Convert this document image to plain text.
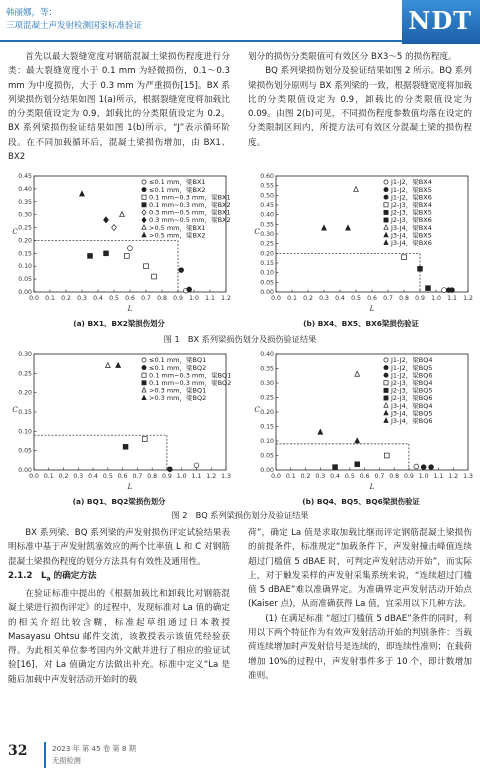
韩丽娜，等：
三项混凝土声发射检测国家标准验证	NDT

首先以最大裂缝宽度对钢筋混凝土梁损伤程度进行分类：最大裂缝宽度小于 0.1 mm 为轻微损伤，0.1～0.3 mm 为中度损伤，大于 0.3 mm 为严重损伤[15]。BX 系列梁损伤划分结果如图 1(a)所示，根据裂缝宽度将加载比的分类限值设定为 0.9，卸载比的分类限值设定为 0.2。BX 系列梁损伤验证结果如图 1(b)所示，“J”表示循环阶段。在不同加载循环后，混凝土梁损伤增加，由 BX1、BX2

划分的损伤分类限值可有效区分 BX3～5 的损伤程度。

BQ 系列梁损伤划分及验证结果如图 2 所示。BQ 系列梁损伤划分原则与 BX 系列梁的一致，根据裂缝宽度将加载比的分类限值设定为 0.9，卸载比的分类限值设定为 0.09。由图 2(b)可见，不同损伤程度参数值均落在设定的分类限制区间内，所提方法可有效区分混凝土梁的损伤程度。

0.00
0.05
0.10
0.15
0.20
0.25
0.30
0.35
0.40
0.45
0.0 0.1 0.2 0.3 0.4 0.5 0.6 0.7 0.8 0.9 1.0 1.1 1.2
L
C
≤0.1 mm，梁BX1
≤0.1 mm，梁BX2
0.1 mm~0.3 mm，梁BX1
0.1 mm~0.3 mm，梁BX2
0.3 mm~0.5 mm，梁BX1
0.3 mm~0.5 mm，梁BX2
>0.5 mm，梁BX1
>0.5 mm，梁BX2
0.00
0.05
0.10
0.15
0.20
0.25
0.30
0.35
0.40
0.45
0.50
0.55
0.60
0.0 0.1 0.2 0.3 0.4 0.5 0.6 0.7 0.8 0.9 1.0 1.1 1.2
L
C
J1-J2，梁BX4
J1-J2，梁BX5
J1-J2，梁BX6
J2-J3，梁BX4
J2-J3，梁BX5
J2-J3，梁BX6
J3-J4，梁BX4
J3-J4，梁BX5
J3-J4，梁BX6
(a) BX1、BX2梁损伤划分	(b) BX4、BX5、BX6梁损伤验证
图 1　BX 系列梁损伤划分及损伤验证结果
0.00
0.05
0.10
0.15
0.20
0.25
0.30
0.0 0.1 0.2 0.3 0.4 0.5 0.6 0.7 0.8 0.9 1.0 1.1 1.2 1.3
L
C
≤0.1 mm，梁BQ1
≤0.1 mm，梁BQ2
0.1 mm~0.3 mm，梁BQ1
0.1 mm~0.3 mm，梁BQ2
>0.3 mm，梁BQ1
>0.3 mm，梁BQ2
0.00
0.05
0.10
0.15
0.20
0.25
0.30
0.35
0.40
0.0 0.1 0.2 0.3 0.4 0.5 0.6 0.7 0.8 0.9 1.0 1.1 1.2 1.3
L
C
J1-J2，梁BQ4
J1-J2，梁BQ5
J1-J2，梁BQ6
J2-J3，梁BQ4
J2-J3，梁BQ5
J2-J3，梁BQ6
J3-J4，梁BQ4
J3-J4，梁BQ5
J3-J4，梁BQ6
(a) BQ1、BQ2梁损伤划分	(b) BQ4、BQ5、BQ6梁损伤验证
图 2　BQ 系列梁损伤划分及验证结果

BX 系列梁、BQ 系列梁的声发射损伤评定试验结果表明标准中基于声发射凯塞效应的两个比率值 L 和 C 对钢筋混凝土梁损伤程度的划分方法具有有效性及通用性。

2.1.2　$L_a$ 的确定方法

在验证标准中提出的《根据加载比和卸载比对钢筋混凝土梁进行损伤评定》的过程中，发现标准对 La 值的确定的相关介绍比较含糊，标准起草组通过日本教授 Masayasu Ohtsu 邮件交流，该教授表示该值凭经验获得。为此相关单位参考国内外文献并进行了相应的验证试验[16]，对 La 值确定方法做出补充。标准中定义“La 是随后加载中声发射活动开始时的载

荷”，确定 La 值是求取加载比继而评定钢筋混凝土梁损伤的前提条件，标准规定“加载条件下，声发射撞击峰值连续超过门槛值 5 dBAE 时，可判定声发射活动开始”，而实际上，对于触发采样的声发射采集系统来说，“连续超过门槛值 5 dBAE”难以准确界定。为准确界定声发射活动开始点(Kaiser 点)，从而准确获得 La 值，宜采用以下几种方法。

(1) 在满足标准 “超过门槛值 5 dBAE”条件的同时，利用以下两个特征作为有效声发射活动开始的判别条件：当载荷连续增加时声发射信号是连续的，即连续性准则；在载荷增加 10%的过程中，声发射事件多于 10 个，即计数增加准则。

32	2023 年 第 45 卷 第 8 期
无损检测
